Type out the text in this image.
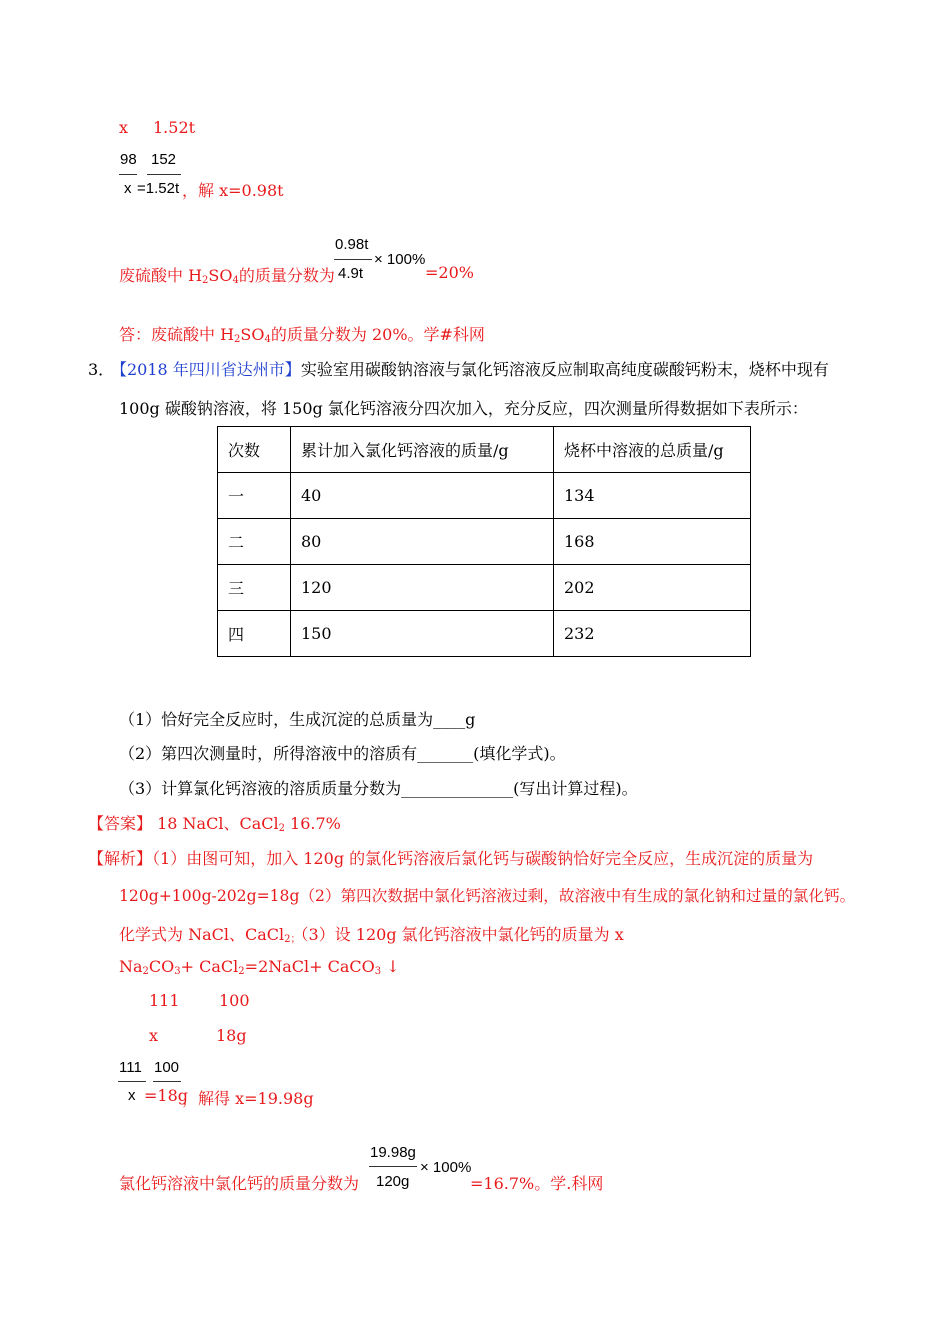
x 1.52t
98
x
152
=1.52t ，解 x=0.98t
0.98t
4.9t
× 100%
废硫酸中 $H_2SO_4$的质量分数为	=20%
答：废硫酸中 $H_2SO_4$的质量分数为 20%。学#科网
3．
【2018 年四川省达州市】实验室用碳酸钠溶液与氯化钙溶液反应制取高纯度碳酸钙粉末，烧杯中现有
100g 碳酸钠溶液，将 150g 氯化钙溶液分四次加入，充分反应，四次测量所得数据如下表所示：
次数	累计加入氯化钙溶液的质量/g	烧杯中溶液的总质量/g
一	40	134
二	80	168
三	120	202
四	150	232
（1）恰好完全反应时，生成沉淀的总质量为____g
（2）第四次测量时，所得溶液中的溶质有_______(填化学式)。
（3）计算氯化钙溶液的溶质质量分数为______________(写出计算过程)。
【答案】 18 NaCl、CaCl$_2$ 16.7%
【解析】（1）由图可知，加入 120g 的氯化钙溶液后氯化钙与碳酸钠恰好完全反应，生成沉淀的质量为
120g+100g-202g=18g（2）第四次数据中氯化钙溶液过剩，故溶液中有生成的氯化钠和过量的氯化钙。
化学式为 NaCl、CaCl$_{2;}$（3）设 120g 氯化钙溶液中氯化钙的质量为 x
$Na_2CO_3+$ CaCl$_2$=2NaCl+ CaCO$_3$ ↓
111 100
x	18g
111
x
100
=18g
，解得 x=19.98g
19.98g
120g
× 100%
氯化钙溶液中氯化钙的质量分数为	=16.7%。学.科网
